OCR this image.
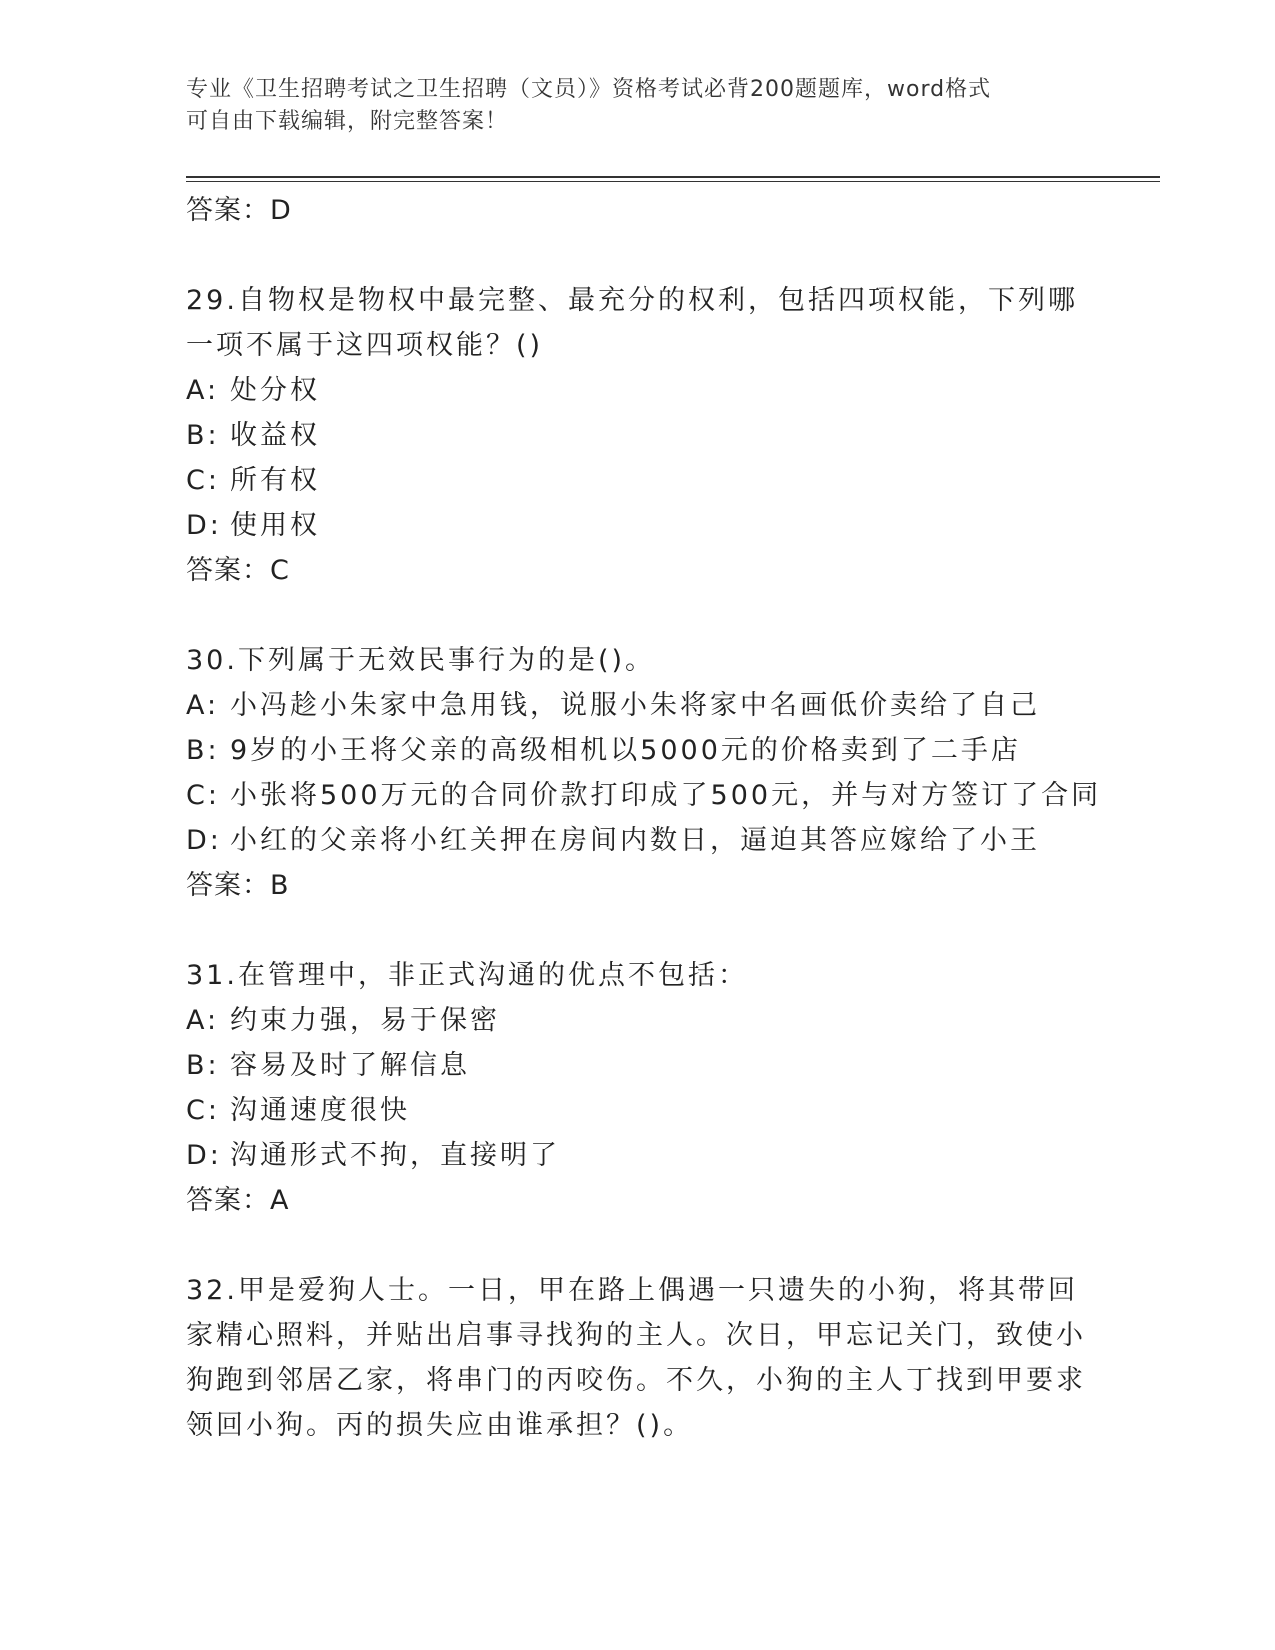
专业《卫生招聘考试之卫生招聘（文员）》资格考试必背200题题库，word格式
可自由下载编辑，附完整答案！
答案：D
29.自物权是物权中最完整、最充分的权利，包括四项权能，下列哪一项不属于这四项权能？()
A: 处分权
B: 收益权
C: 所有权
D: 使用权
答案：C
30.下列属于无效民事行为的是()。
A: 小冯趁小朱家中急用钱，说服小朱将家中名画低价卖给了自己
B: 9岁的小王将父亲的高级相机以5000元的价格卖到了二手店
C: 小张将500万元的合同价款打印成了500元，并与对方签订了合同
D: 小红的父亲将小红关押在房间内数日，逼迫其答应嫁给了小王
答案：B
31.在管理中，非正式沟通的优点不包括：
A: 约束力强，易于保密
B: 容易及时了解信息
C: 沟通速度很快
D: 沟通形式不拘，直接明了
答案：A
32.甲是爱狗人士。一日，甲在路上偶遇一只遗失的小狗，将其带回家精心照料，并贴出启事寻找狗的主人。次日，甲忘记关门，致使小狗跑到邻居乙家，将串门的丙咬伤。不久，小狗的主人丁找到甲要求领回小狗。丙的损失应由谁承担？()。
